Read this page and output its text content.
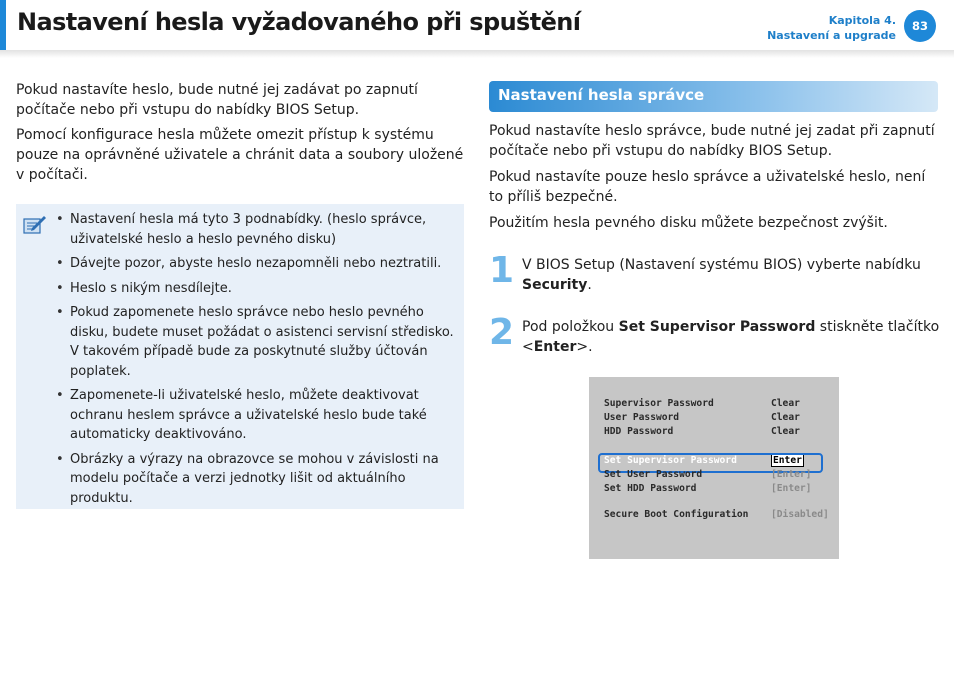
Nastavení hesla vyžadovaného při spuštění	Kapitola 4.
Nastavení a upgrade
83

Pokud nastavíte heslo, bude nutné jej zadávat po zapnutí počítače nebo při vstupu do nabídky BIOS Setup.

Pomocí konfigurace hesla můžete omezit přístup k systému pouze na oprávněné uživatele a chránit data a soubory uložené v počítači.

• Nastavení hesla má tyto 3 podnabídky. (heslo správce, uživatelské heslo a heslo pevného disku)
• Dávejte pozor, abyste heslo nezapomněli nebo neztratili.
• Heslo s nikým nesdílejte.
• Pokud zapomenete heslo správce nebo heslo pevného disku, budete muset požádat o asistenci servisní středisko. V takovém případě bude za poskytnuté služby účtován poplatek.
• Zapomenete-li uživatelské heslo, můžete deaktivovat ochranu heslem správce a uživatelské heslo bude také automaticky deaktivováno.
• Obrázky a výrazy na obrazovce se mohou v závislosti na modelu počítače a verzi jednotky lišit od aktuálního produktu.
Nastavení hesla správce

Pokud nastavíte heslo správce, bude nutné jej zadat při zapnutí počítače nebo při vstupu do nabídky BIOS Setup.

Pokud nastavíte pouze heslo správce a uživatelské heslo, není to příliš bezpečné.

Použitím hesla pevného disku můžete bezpečnost zvýšit.

1 V BIOS Setup (Nastavení systému BIOS) vyberte nabídku Security.

2 Pod položkou Set Supervisor Password stiskněte tlačítko <Enter>.

Supervisor Password	Clear
User Password	Clear
HDD Password	Clear
Set Supervisor Password	Enter
Set User Password	[Enter]
Set HDD Password	[Enter]
Secure Boot Configuration [Disabled]
